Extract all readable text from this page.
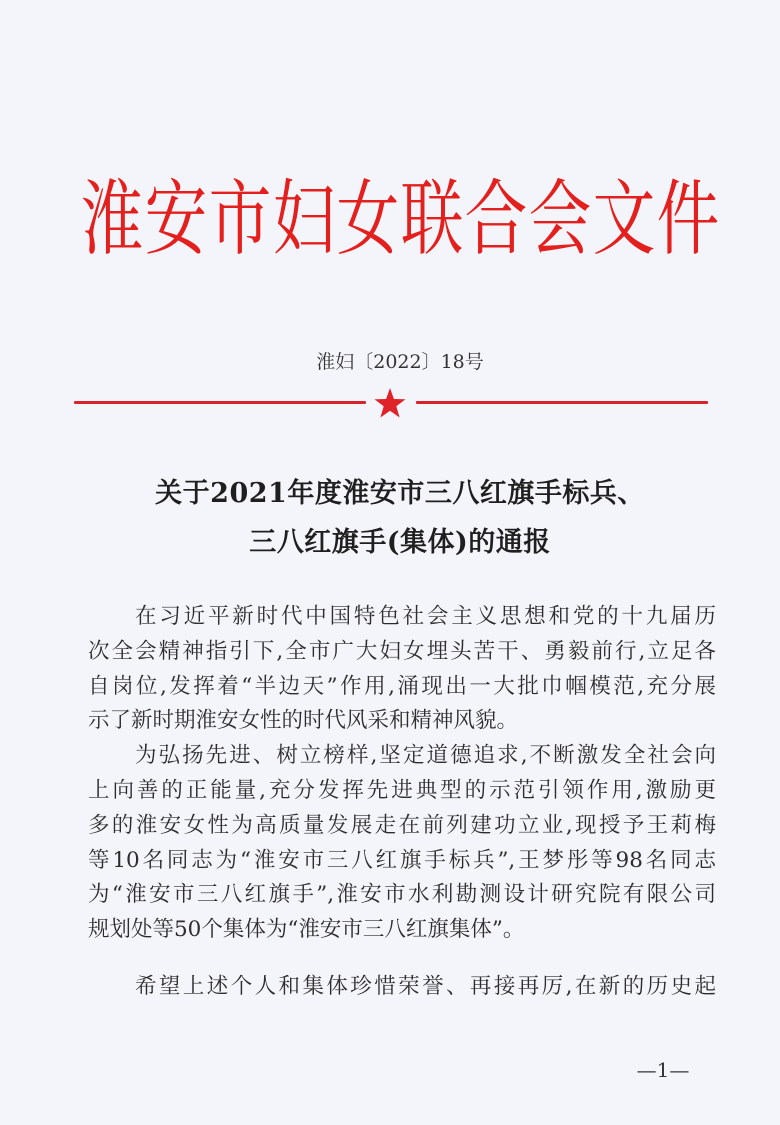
淮 安 市 妇 女 联 合 会 文 件
淮妇〔2022〕18号
关于2021年度淮安市三八红旗手标兵、
三八红旗手(集体)的通报
在习近平新时代中国特色社会主义思想和党的十九届历
次全会精神指引下,全市广大妇女埋头苦干、勇毅前行,立足各
自岗位,发挥着“半边天”作用,涌现出一大批巾帼模范,充分展
示了新时期淮安女性的时代风采和精神风貌。
为弘扬先进、树立榜样,坚定道德追求,不断激发全社会向
上向善的正能量,充分发挥先进典型的示范引领作用,激励更
多的淮安女性为高质量发展走在前列建功立业,现授予王莉梅
等10名同志为“淮安市三八红旗手标兵”,王梦彤等98名同志
为“淮安市三八红旗手”,淮安市水利勘测设计研究院有限公司
规划处等50个集体为“淮安市三八红旗集体”。
希望上述个人和集体珍惜荣誉、再接再厉,在新的历史起
—1—
